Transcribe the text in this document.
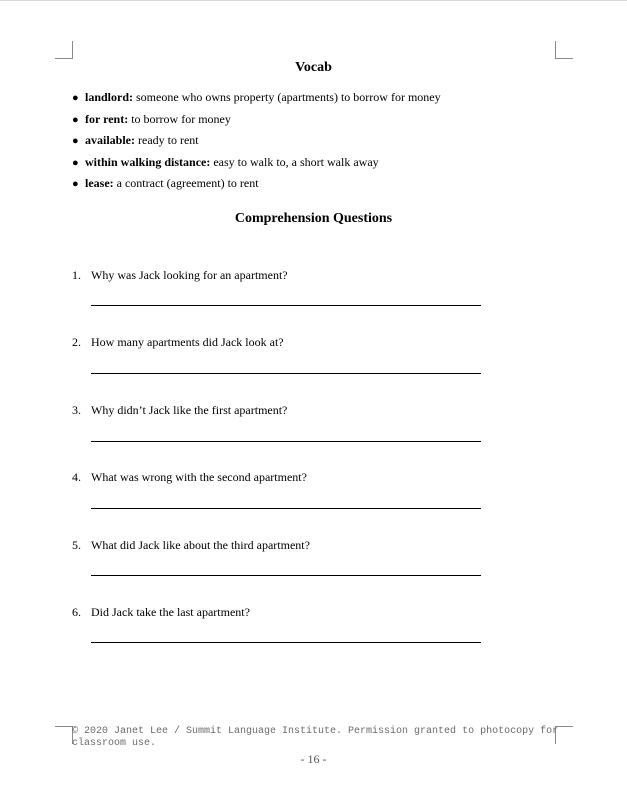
Vocab
● landlord: someone who owns property (apartments) to borrow for money
● for rent: to borrow for money
● available: ready to rent
● within walking distance: easy to walk to, a short walk away
● lease: a contract (agreement) to rent
Comprehension Questions
1. Why was Jack looking for an apartment?
2. How many apartments did Jack look at?
3. Why didn’t Jack like the first apartment?
4. What was wrong with the second apartment?
5. What did Jack like about the third apartment?
6. Did Jack take the last apartment?
© 2020 Janet Lee / Summit Language Institute. Permission granted to photocopy for classroom use.
- 16 -
